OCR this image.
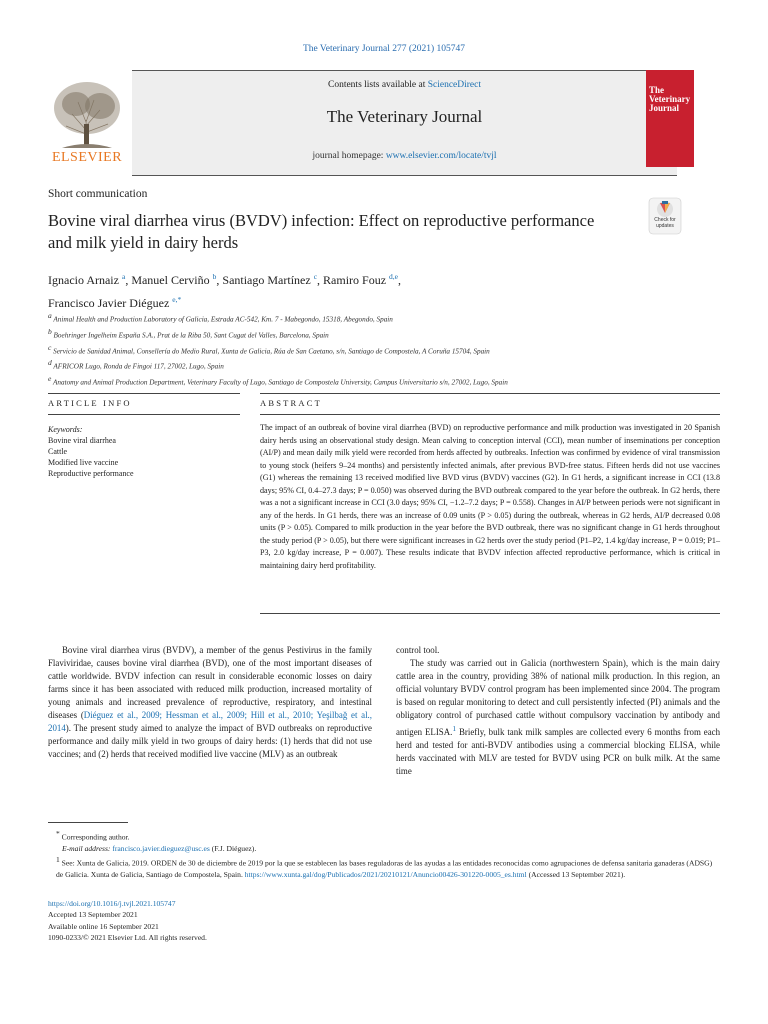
The Veterinary Journal 277 (2021) 105747
ELSEVIER
Contents lists available at ScienceDirect
The Veterinary Journal
journal homepage: www.elsevier.com/locate/tvjl
The Veterinary Journal
Short communication
Bovine viral diarrhea virus (BVDV) infection: Effect on reproductive performance and milk yield in dairy herds
Check for updates
Ignacio Arnaiz $^a$, Manuel Cerviño $^b$, Santiago Martínez $^c$, Ramiro Fouz $^{d,e}$,
Francisco Javier Diéguez $^{e,*}$
$^a$ Animal Health and Production Laboratory of Galicia, Estrada AC-542, Km. 7 - Mabegondo, 15318, Abegondo, Spain
$^b$ Boehringer Ingelheim España S.A., Prat de la Riba 50, Sant Cugat del Valles, Barcelona, Spain
$^c$ Servicio de Sanidad Animal, Consellería do Medio Rural, Xunta de Galicia, Rúa de San Caetano, s/n, Santiago de Compostela, A Coruña 15704, Spain
$^d$ AFRICOR Lugo, Ronda de Fingoi 117, 27002, Lugo, Spain
$^e$ Anatomy and Animal Production Department, Veterinary Faculty of Lugo, Santiago de Compostela University, Campus Universitario s/n, 27002, Lugo, Spain
ARTICLE INFO	ABSTRACT
Keywords:
Bovine viral diarrhea
Cattle
Modified live vaccine
Reproductive performance
The impact of an outbreak of bovine viral diarrhea (BVD) on reproductive performance and milk production was investigated in 20 Spanish dairy herds using an observational study design. Mean calving to conception interval (CCI), mean number of inseminations per conception (AI/P) and mean daily milk yield were recorded from herds affected by outbreaks. Infection was confirmed by evidence of viral transmission to young stock (heifers 9–24 months) and persistently infected animals, after previous BVD-free status. Fifteen herds did not use vaccines (G1) whereas the remaining 13 received modified live BVD virus (BVDV) vaccines (G2). In G1 herds, a significant increase in CCI (13.8 days; 95% CI, 0.4–27.3 days; P = 0.050) was observed during the BVD outbreak compared to the year before the outbreak. In G2 herds, there was a not a significant increase in CCI (3.0 days; 95% CI, −1.2–7.2 days; P = 0.558). Changes in AI/P between periods were not significant in any of the herds. In G1 herds, there was an increase of 0.09 units (P > 0.05) during the outbreak, whereas in G2 herds, AI/P decreased 0.08 units (P > 0.05). Compared to milk production in the year before the BVD outbreak, there was no significant change in G1 herds throughout the study period (P > 0.05), but there were significant increases in G2 herds over the study period (P1–P2, 1.4 kg/day increase, P = 0.019; P1–P3, 2.0 kg/day increase, P = 0.007). These results indicate that BVDV infection affected reproductive performance, which is critical in maintaining dairy herd profitability.
Bovine viral diarrhea virus (BVDV), a member of the genus Pestivirus in the family Flaviviridae, causes bovine viral diarrhea (BVD), one of the most important diseases of cattle worldwide. BVDV infection can result in considerable economic losses on dairy farms since it has been associated with reduced milk production, increased mortality of young animals and increased prevalence of reproductive, respiratory, and intestinal diseases (Diéguez et al., 2009; Hessman et al., 2009; Hill et al., 2010; Yeşilbağ et al., 2014). The present study aimed to analyze the impact of BVD outbreaks on reproductive performance and daily milk yield in two groups of dairy herds: (1) herds that did not use vaccines; and (2) herds that received modified live vaccine (MLV) as an outbreak
control tool.
The study was carried out in Galicia (northwestern Spain), which is the main dairy cattle area in the country, providing 38% of national milk production. In this region, an official voluntary BVDV control program has been implemented since 2004. The program is based on regular monitoring to detect and cull persistently infected (PI) animals and the obligatory control of purchased cattle without compulsory vaccination by antibody and antigen ELISA.$^1$ Briefly, bulk tank milk samples are collected every 6 months from each herd and tested for anti-BVDV antibodies using a commercial blocking ELISA, while herds vaccinated with MLV are tested for BVDV using PCR on bulk milk. At the same time
* Corresponding author.
E-mail address: francisco.javier.dieguez@usc.es (F.J. Diéguez).
$^1$ See: Xunta de Galicia, 2019. ORDEN de 30 de diciembre de 2019 por la que se establecen las bases reguladoras de las ayudas a las entidades reconocidas como agrupaciones de defensa sanitaria ganaderas (ADSG) de Galicia. Xunta de Galicia, Santiago de Compostela, Spain. https://www.xunta.gal/dog/Publicados/2021/20210121/Anuncio00426-301220-0005_es.html (Accessed 13 September 2021).
https://doi.org/10.1016/j.tvjl.2021.105747
Accepted 13 September 2021
Available online 16 September 2021
1090-0233/© 2021 Elsevier Ltd. All rights reserved.
